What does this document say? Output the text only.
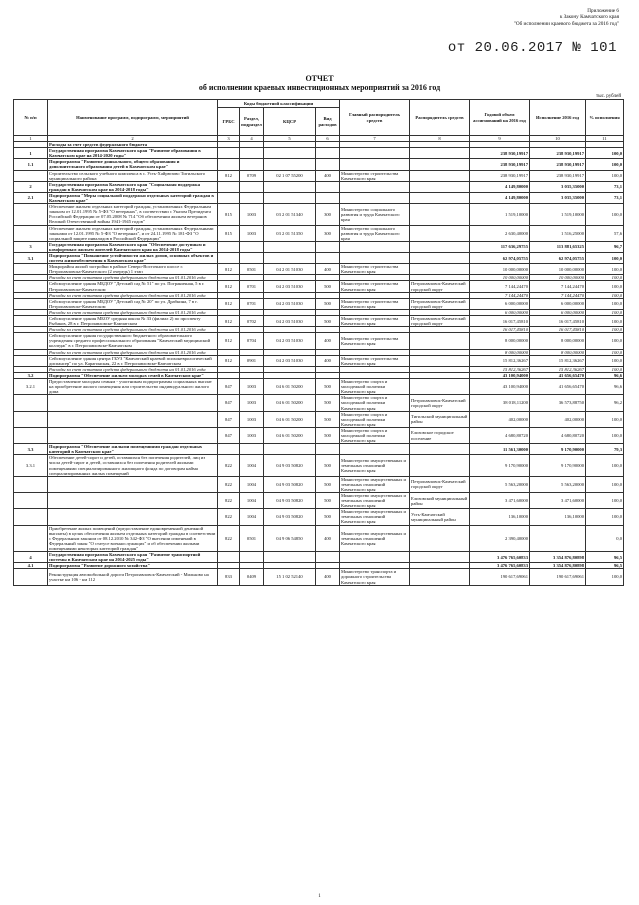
Приложение 6
к Закону Камчатского края
"Об исполнении краевого бюджета за 2016 год"
от 20.06.2017 № 101
ОТЧЕТ
об исполнении краевых инвестиционных мероприятий за 2016 год
тыс. рублей
№ п/п	Наименование программ, подпрограмм, мероприятий	Коды бюджетной классификации				Главный распорядитель средств	Распорядитель средств	Годовой объем ассигнований на 2016 год	Исполнение 2016 год	% исполнения
		ГРБС	Раздел, подраздел	КЦСР	Вид расходов					
1	2	3	4	5	6	7	8	9	10	11
	Расходы за счет средств федерального бюджета									
1	Государственная программа Камчатского края "Развитие образования в Камчатском крае на 2014-2020 годы"							238 930,19917	238 930,19917	100,0
1.1	Подпрограмма "Развитие дошкольного, общего образования и дополнительного образования детей в Камчатском крае"							238 930,19917	238 930,19917	100,0
	Строительство сельского учебного комплекса в с. Усть-Хайрюзово Тигильского муниципального района	812	0709	02 1 07 55200	400	Министерство строительства Камчатского края		238 930,19917	238 930,19917	100,0
2	Государственная программа Камчатского края "Социальная поддержка граждан в Камчатском крае на 2014-2018 годы"							4 149,80000	3 035,35000	73,1
2.1	Подпрограмма "Меры социальной поддержки отдельных категорий граждан в Камчатском крае"							4 149,80000	3 035,35000	73,1
	Обеспечение жильем отдельных категорий граждан, установленных Федеральным законом от 12.01.1995 № 5-ФЗ "О ветеранах", в соответствии с Указом Президента Российской Федерации от 07.05.2008 № 714 "Об обеспечении жильем ветеранов Великой Отечественной войны 1941-1945 годов"	815	1003	03 2 01 51340	300	Министерство социального развития и труда Камчатского края		1 519,10000	1 519,10000	100,0
	Обеспечение жильем отдельных категорий граждан, установленных Федеральными законами от 12.01.1995 № 5-ФЗ "О ветеранах", и от 24.11.1995 № 181-ФЗ "О социальной защите инвалидов в Российской Федерации"	815	1003	03 2 01 51350	300	Министерство социального развития и труда Камчатского края		2 630,40000	1 516,25000	57,6
3	Государственная программа Камчатского края "Обеспечение доступным и комфортным жильем жителей Камчатского края на 2014-2018 годы"							117 636,29755	113 881,65325	96,7
3.1	Подпрограмма "Повышение устойчивости жилых домов, основных объектов и систем жизнеобеспечения в Камчатском крае"							62 974,05755	62 974,05755	100,0
	Микрорайон жилой застройки в районе Северо-Восточного шоссе г. Петропавловска-Камчатского (2 очередь) 1 этап	812	0501	04 2 01 51030	400	Министерство строительства Камчатского края		10 000,00000	10 000,00000	100,0
	Расходы за счет остатков средств федерального бюджета на 01.01.2016 года							10 000,00000	10 000,00000	100,0
	Сейсмоусиление здания МБДОУ "Детский сад № 51" по ул. Пограничная, 5 в г. Петропавловске-Камчатском	812	0701	04 2 03 51030	500	Министерство строительства Камчатского края	Петропавловск-Камчатский городской округ	7 144,24470	7 144,24470	100,0
	Расходы за счет остатков средств федерального бюджета на 01.01.2016 года							7 144,24470	7 144,24470	100,0
	Сейсмоусиление здания МБДОУ "Детский сад № 20" по ул. Драбкина, 7 в г. Петропавловске-Камчатском	812	0701	04 2 03 51030	500	Министерство строительства Камчатского края	Петропавловск-Камчатский городской округ	6 000,00000	6 000,00000	100,0
	Расходы за счет остатков средств федерального бюджета на 01.01.2016 года							6 000,00000	6 000,00000	100,0
	Сейсмоусиление здания МБОУ средняя школа № 33 (филиал 2) по проспекту Рыбаков, 28 в г. Петропавловске-Камчатском	812	0702	04 2 03 51030	500	Министерство строительства Камчатского края	Петропавловск-Камчатский городской округ	16 017,45810	16 017,45810	100,0
	Расходы за счет остатков средств федерального бюджета на 01.01.2016 года							16 017,45810	16 017,45810	100,0
	Сейсмоусиление здания государственного бюджетного образовательного учреждения среднего профессионального образования "Камчатский медицинский колледж" в г. Петропавловске-Камчатском	812	0704	04 2 03 51030	400	Министерство строительства Камчатского края		8 000,00000	8 000,00000	100,0
	Расходы за счет остатков средств федерального бюджета на 01.01.2016 года							8 000,00000	8 000,00000	100,0
	Сейсмоусиление здания центра ГБУЗ "Камчатский краевой психоневрологический диспансер" по ул. Карагинская, 22 в г. Петропавловске-Камчатском	812	0901	04 2 03 51030	400	Министерство строительства Камчатского края		15 812,36267	15 812,36267	100,0
	Расходы за счет остатков средств федерального бюджета на 01.01.2016 года							15 812,36267	15 812,36267	100,0
3.2	Подпрограмма "Обеспечение жильем молодых семей в Камчатском крае"							43 100,94000	41 656,65470	96,6
3.2.1	Предоставление молодым семьям - участникам подпрограммы социальных выплат на приобретение жилого помещения или строительство индивидуального жилого дома	847	1003	04 6 01 50200	500	Министерство спорта и молодежной политики Камчатского края		43 100,94000	41 656,65470	96,6
		847	1003	04 6 01 50200	500	Министерство спорта и молодежной политики Камчатского края	Петропавловск-Камчатский городской округ	38 018,11200	36 573,88750	96,2
		847	1003	04 6 01 50200	500	Министерство спорта и молодежной политики Камчатского края	Тигильский муниципальный район	402,00000	402,00000	100,0
		847	1003	04 6 01 50200	500	Министерство спорта и молодежной политики Камчатского края	Елизовское городское поселение	4 680,80720	4 680,80720	100,0
3.3	Подпрограмма "Обеспечение жилыми помещениями граждан отдельных категорий в Камчатском крае"							11 561,30000	9 170,90000	79,3
3.3.1	Обеспечение детей-сирот и детей, оставшихся без попечения родителей, лиц из числа детей-сирот и детей, оставшихся без попечения родителей жилыми помещениями специализированного жилищного фонда по договорам найма специализированных жилых помещений	822	1004	04 9 03 50820	500	Министерство имущественных и земельных отношений Камчатского края		9 170,90000	9 170,90000	100,0
		822	1004	04 9 03 50820	500	Министерство имущественных и земельных отношений Камчатского края	Петропавловск-Камчатский городской округ	5 563,20000	5 563,20000	100,0
		822	1004	04 9 03 50820	500	Министерство имущественных и земельных отношений Камчатского края	Елизовский муниципальный район	3 471,60000	3 471,60000	100,0
		822	1004	04 9 03 50820	500	Министерство имущественных и земельных отношений Камчатского края	Усть-Камчатский муниципальный район	136,10000	136,10000	100,0
	Приобретение жилых помещений (предоставление единовременной денежной выплаты) в целях обеспечения жильем отдельных категорий граждан в соответствии с Федеральным законом от 08.12.2010 № 342-ФЗ "О внесении изменений в Федеральный закон "О статусе военнослужащих" и об обеспечении жилыми помещениями некоторых категорий граждан"	822	0501	04 9 06 54850	400	Министерство имущественных и земельных отношений Камчатского края		2 390,40000		0,0
4	Государственная программа Камчатского края "Развитие транспортной системы в Камчатском крае на 2014-2025 годы"							3 476 765,60833	3 354 876,80898	96,5
4.1	Подпрограмма "Развитие дорожного хозяйства"							3 476 765,60833	3 354 876,80898	96,5
	Реконструкция автомобильной дороги Петропавловск-Камчатский - Мильково на участке км 106 - км 112	833	0409	15 1 02 52140	400	Министерство транспорта и дорожного строительства Камчатского края		190 617,69061	190 617,69061	100,0
1
